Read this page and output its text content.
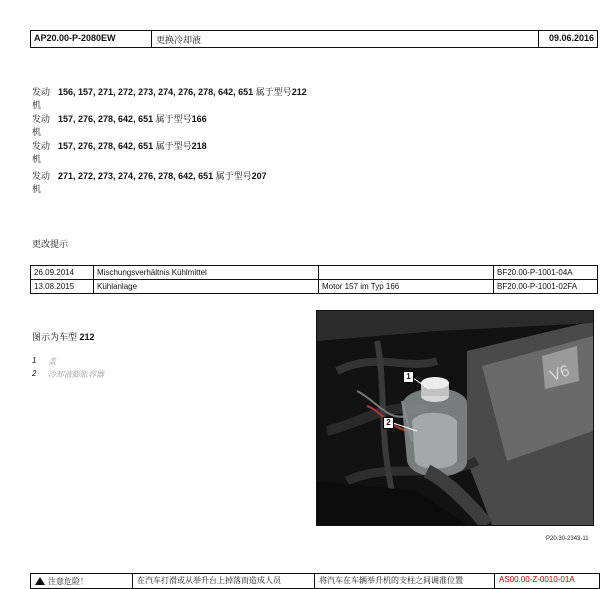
AP20.00-P-2080EW	更换冷却液	09.06.2016
发动机
156, 157, 271, 272, 273, 274, 276, 278, 642, 651 属于型号212
发动机
157, 276, 278, 642, 651 属于型号166
发动机
157, 276, 278, 642, 651 属于型号218
发动机
271, 272, 273, 274, 276, 278, 642, 651 属于型号207
更改提示
26.09.2014	Mischungsverhältnis Kühlmittel		BF20.00-P-1001-04A
13.08.2015	Kühlanlage	Motor 157 im Typ 166	BF20.00-P-1001-02FA
图示为车型 212
1	盖
2	冷却液膨胀容器	V6
1
2
P20.30-2343-11
注意危险！	在汽车打滑或从举升台上掉落而造成人员	将汽车在车辆举升机的支柱之间调准位置	AS00.00-Z-0010-01A
